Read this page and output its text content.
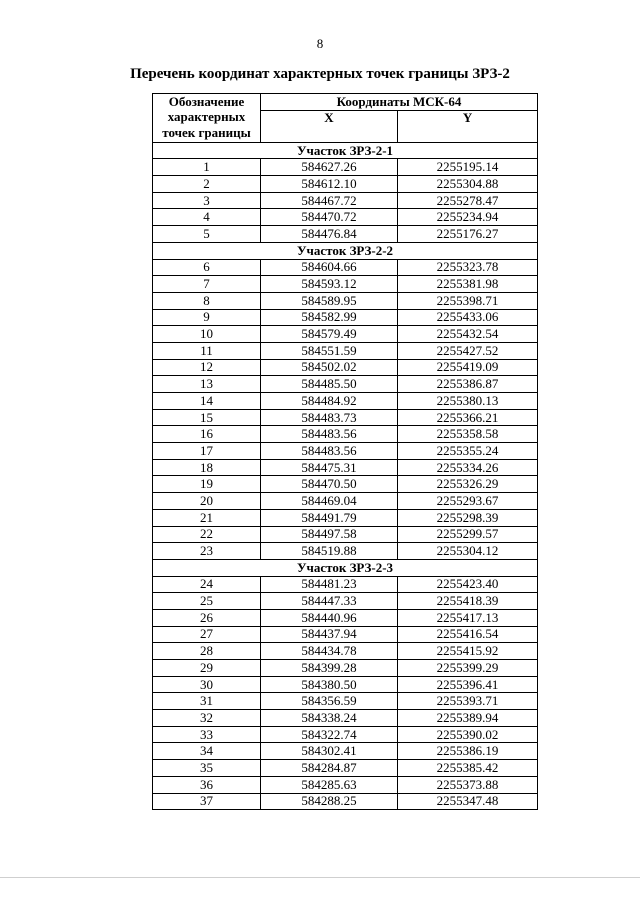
8
Перечень координат характерных точек границы ЗРЗ-2
Обозначение
характерных
точек границы	Координаты МСК-64	
	X	Y
Участок ЗРЗ-2-1		
1	584627.26	2255195.14
2	584612.10	2255304.88
3	584467.72	2255278.47
4	584470.72	2255234.94
5	584476.84	2255176.27
Участок ЗРЗ-2-2		
6	584604.66	2255323.78
7	584593.12	2255381.98
8	584589.95	2255398.71
9	584582.99	2255433.06
10	584579.49	2255432.54
11	584551.59	2255427.52
12	584502.02	2255419.09
13	584485.50	2255386.87
14	584484.92	2255380.13
15	584483.73	2255366.21
16	584483.56	2255358.58
17	584483.56	2255355.24
18	584475.31	2255334.26
19	584470.50	2255326.29
20	584469.04	2255293.67
21	584491.79	2255298.39
22	584497.58	2255299.57
23	584519.88	2255304.12
Участок ЗРЗ-2-3		
24	584481.23	2255423.40
25	584447.33	2255418.39
26	584440.96	2255417.13
27	584437.94	2255416.54
28	584434.78	2255415.92
29	584399.28	2255399.29
30	584380.50	2255396.41
31	584356.59	2255393.71
32	584338.24	2255389.94
33	584322.74	2255390.02
34	584302.41	2255386.19
35	584284.87	2255385.42
36	584285.63	2255373.88
37	584288.25	2255347.48
